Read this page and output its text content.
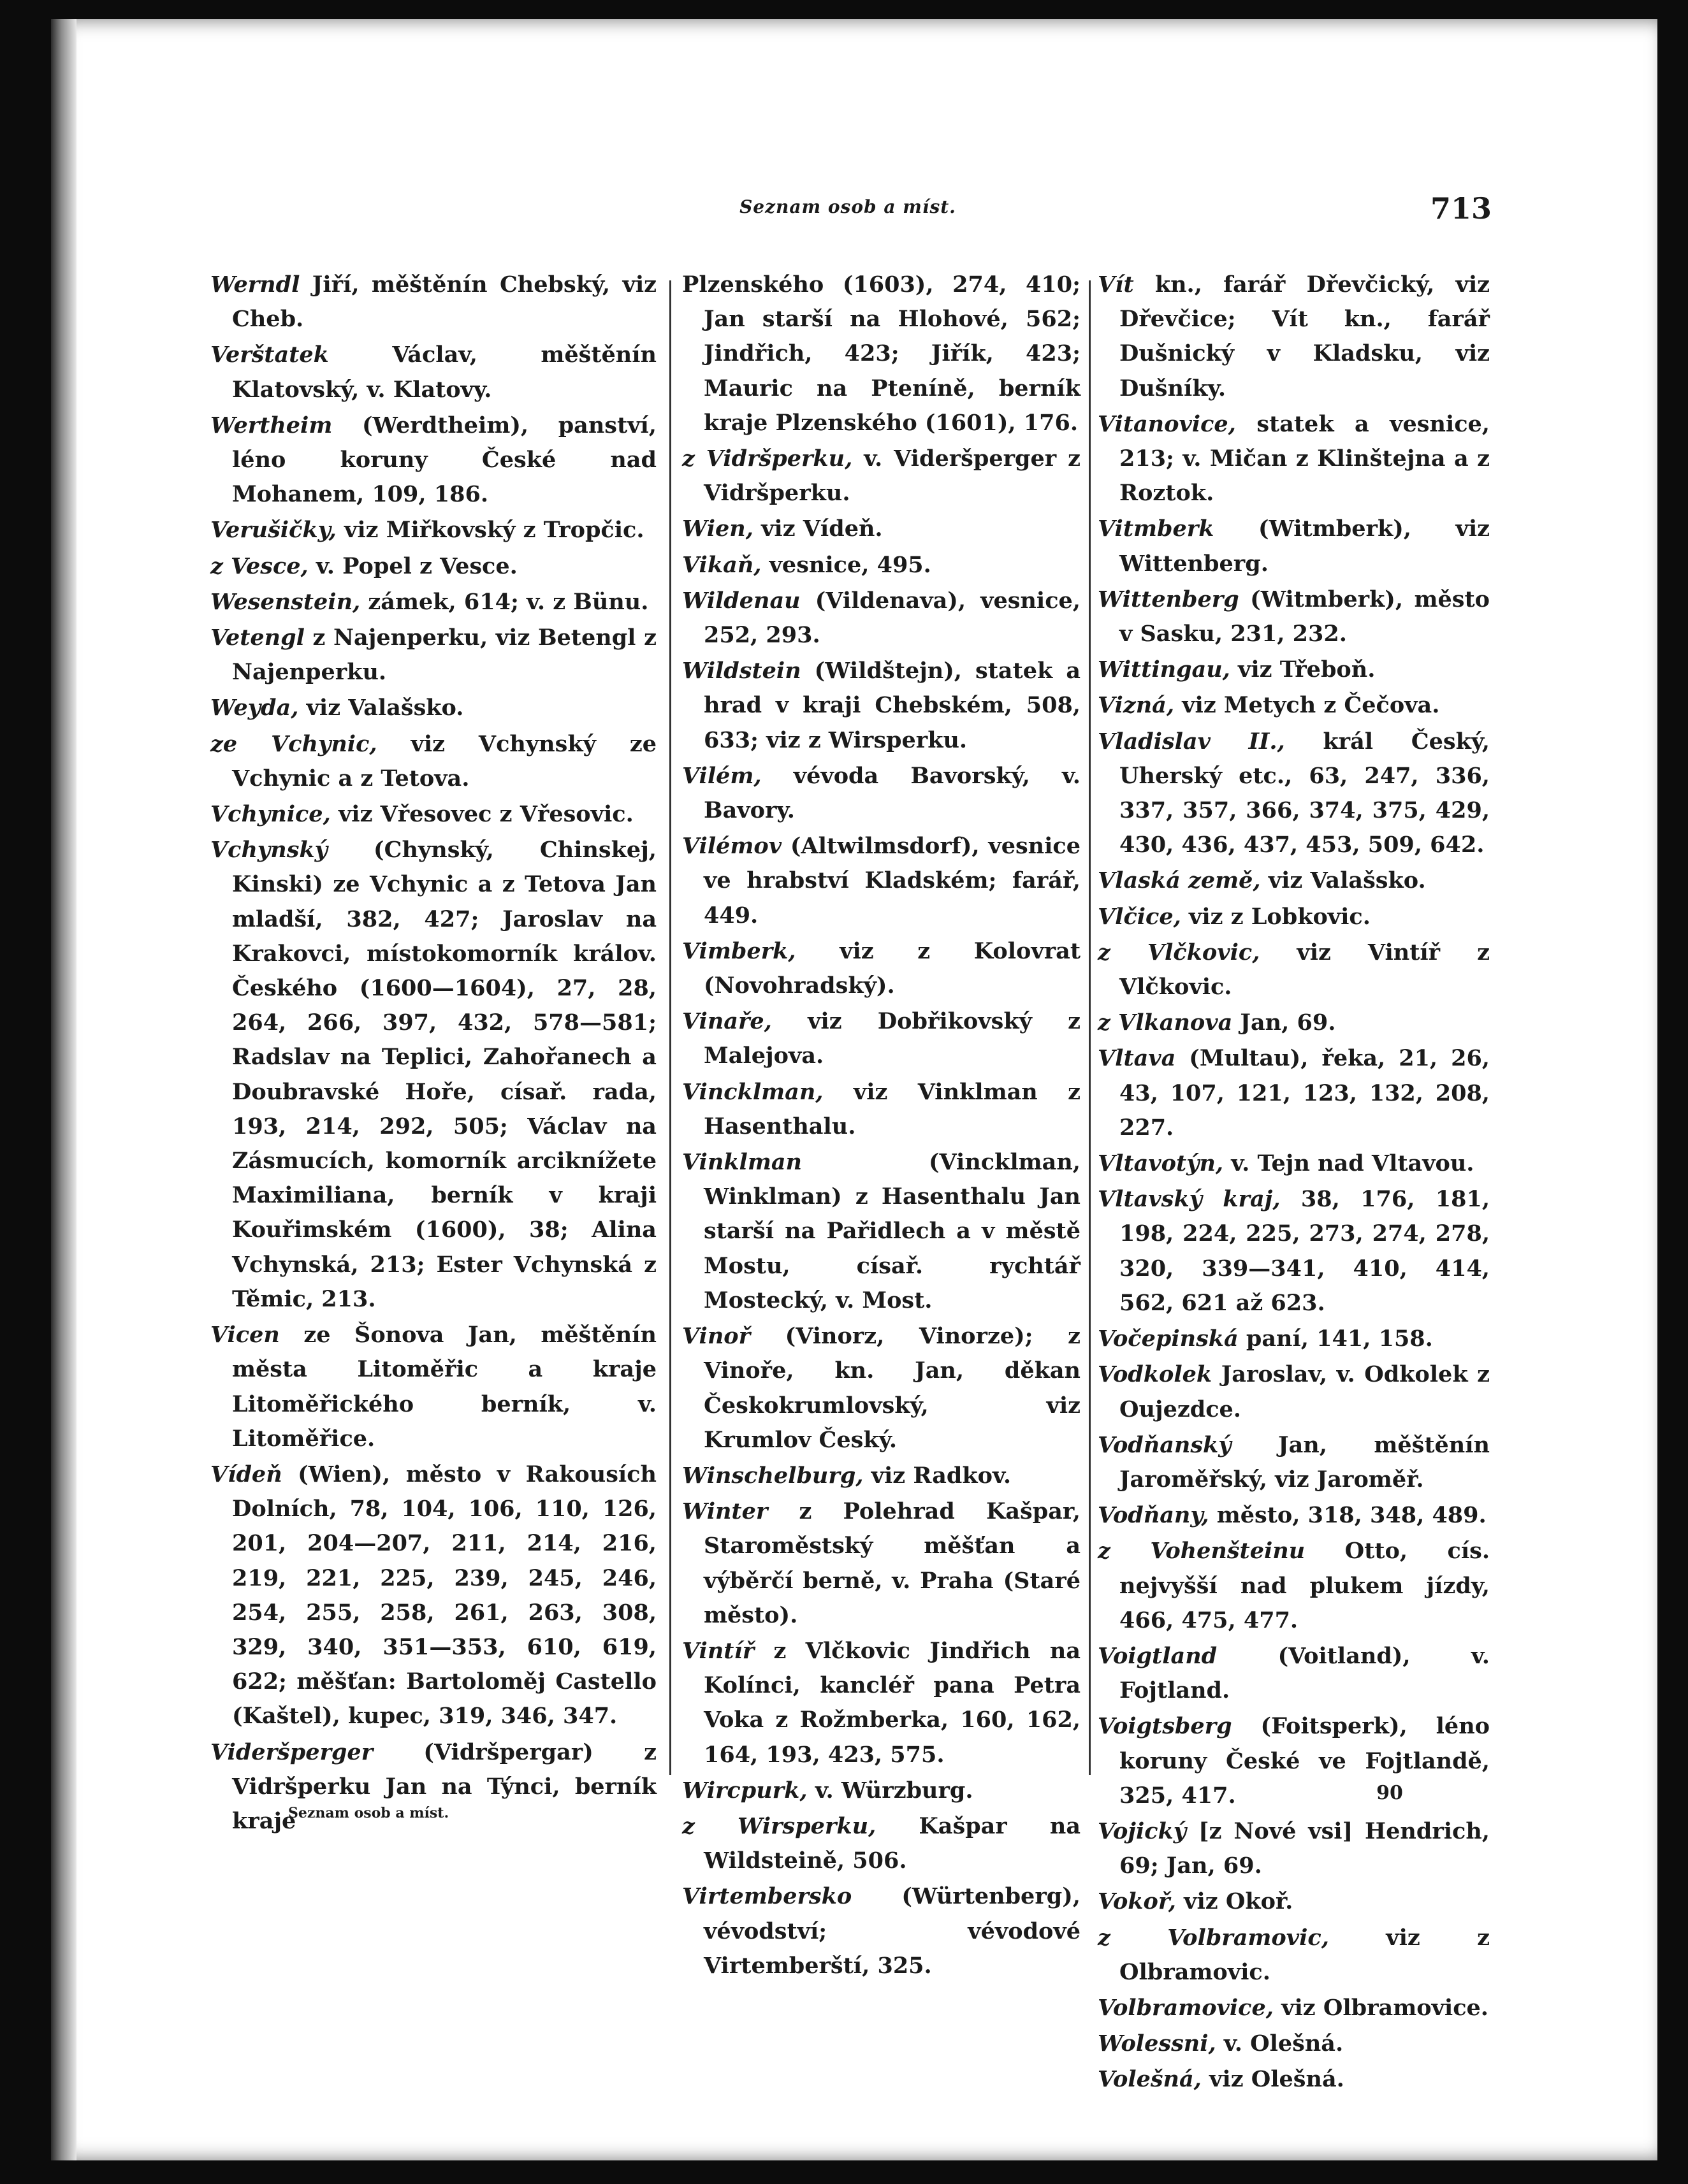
Seznam osob a míst.	713
Werndl Jiří, měštěnín Chebský, viz Cheb.
Verštatek Václav, měštěnín Klatovský, v. Klatovy.
Wertheim (Werdtheim), panství, léno koruny České nad Mohanem, 109, 186.
Verušičky, viz Miřkovský z Tropčic.
z Vesce, v. Popel z Vesce.
Wesenstein, zámek, 614; v. z Bünu.
Vetengl z Najenperku, viz Betengl z Najenperku.
Weyda, viz Valašsko.
ze Vchynic, viz Vchynský ze Vchynic a z Tetova.
Vchynice, viz Vřesovec z Vřesovic.
Vchynský (Chynský, Chinskej, Kinski) ze Vchynic a z Tetova Jan mladší, 382, 427; Jaroslav na Krakovci, místokomorník králov. Českého (1600—1604), 27, 28, 264, 266, 397, 432, 578—581; Radslav na Teplici, Zahořanech a Doubravské Hoře, císař. rada, 193, 214, 292, 505; Václav na Zásmucích, komorník arciknížete Maximiliana, berník v kraji Kouřimském (1600), 38; Alina Vchynská, 213; Ester Vchynská z Těmic, 213.
Vicen ze Šonova Jan, měštěnín města Litoměřic a kraje Litoměřického berník, v. Litoměřice.
Vídeň (Wien), město v Rakousích Dolních, 78, 104, 106, 110, 126, 201, 204—207, 211, 214, 216, 219, 221, 225, 239, 245, 246, 254, 255, 258, 261, 263, 308, 329, 340, 351—353, 610, 619, 622; měšťan: Bartoloměj Castello (Kaštel), kupec, 319, 346, 347.
Videršperger (Vidršpergar) z Vidršperku Jan na Týnci, berník kraje
Plzenského (1603), 274, 410; Jan starší na Hlohové, 562; Jindřich, 423; Jiřík, 423; Mauric na Pteníně, berník kraje Plzenského (1601), 176.
z Vidršperku, v. Videršperger z Vidršperku.
Wien, viz Vídeň.
Vikaň, vesnice, 495.
Wildenau (Vildenava), vesnice, 252, 293.
Wildstein (Wildštejn), statek a hrad v kraji Chebském, 508, 633; viz z Wirsperku.
Vilém, vévoda Bavorský, v. Bavory.
Vilémov (Altwilmsdorf), vesnice ve hrabství Kladském; farář, 449.
Vimberk, viz z Kolovrat (Novohradský).
Vinaře, viz Dobřikovský z Malejova.
Vincklman, viz Vinklman z Hasenthalu.
Vinklman (Vincklman, Winklman) z Hasenthalu Jan starší na Pařidlech a v městě Mostu, císař. rychtář Mostecký, v. Most.
Vinoř (Vinorz, Vinorze); z Vinoře, kn. Jan, děkan Českokrumlovský, viz Krumlov Český.
Winschelburg, viz Radkov.
Winter z Polehrad Kašpar, Staroměstský měšťan a výběrčí berně, v. Praha (Staré město).
Vintíř z Vlčkovic Jindřich na Kolínci, kancléř pana Petra Voka z Rožmberka, 160, 162, 164, 193, 423, 575.
Wircpurk, v. Würzburg.
z Wirsperku, Kašpar na Wildsteině, 506.
Virtembersko (Würtenberg), vévodství; vévodové Virtemberští, 325.
Vít kn., farář Dřevčický, viz Dřevčice; Vít kn., farář Dušnický v Kladsku, viz Dušníky.
Vitanovice, statek a vesnice, 213; v. Mičan z Klinštejna a z Roztok.
Vitmberk (Witmberk), viz Wittenberg.
Wittenberg (Witmberk), město v Sasku, 231, 232.
Wittingau, viz Třeboň.
Vizná, viz Metych z Čečova.
Vladislav II., král Český, Uherský etc., 63, 247, 336, 337, 357, 366, 374, 375, 429, 430, 436, 437, 453, 509, 642.
Vlaská země, viz Valašsko.
Vlčice, viz z Lobkovic.
z Vlčkovic, viz Vintíř z Vlčkovic.
z Vlkanova Jan, 69.
Vltava (Multau), řeka, 21, 26, 43, 107, 121, 123, 132, 208, 227.
Vltavotýn, v. Tejn nad Vltavou.
Vltavský kraj, 38, 176, 181, 198, 224, 225, 273, 274, 278, 320, 339—341, 410, 414, 562, 621 až 623.
Vočepinská paní, 141, 158.
Vodkolek Jaroslav, v. Odkolek z Oujezdce.
Vodňanský Jan, měštěnín Jaroměřský, viz Jaroměř.
Vodňany, město, 318, 348, 489.
z Vohenšteinu Otto, cís. nejvyšší nad plukem jízdy, 466, 475, 477.
Voigtland (Voitland), v. Fojtland.
Voigtsberg (Foitsperk), léno koruny České ve Fojtlandě, 325, 417.
Vojický [z Nové vsi] Hendrich, 69; Jan, 69.
Vokoř, viz Okoř.
z Volbramovic, viz z Olbramovic.
Volbramovice, viz Olbramovice.
Wolessni, v. Olešná.
Volešná, viz Olešná.
Seznam osob a míst.
90
